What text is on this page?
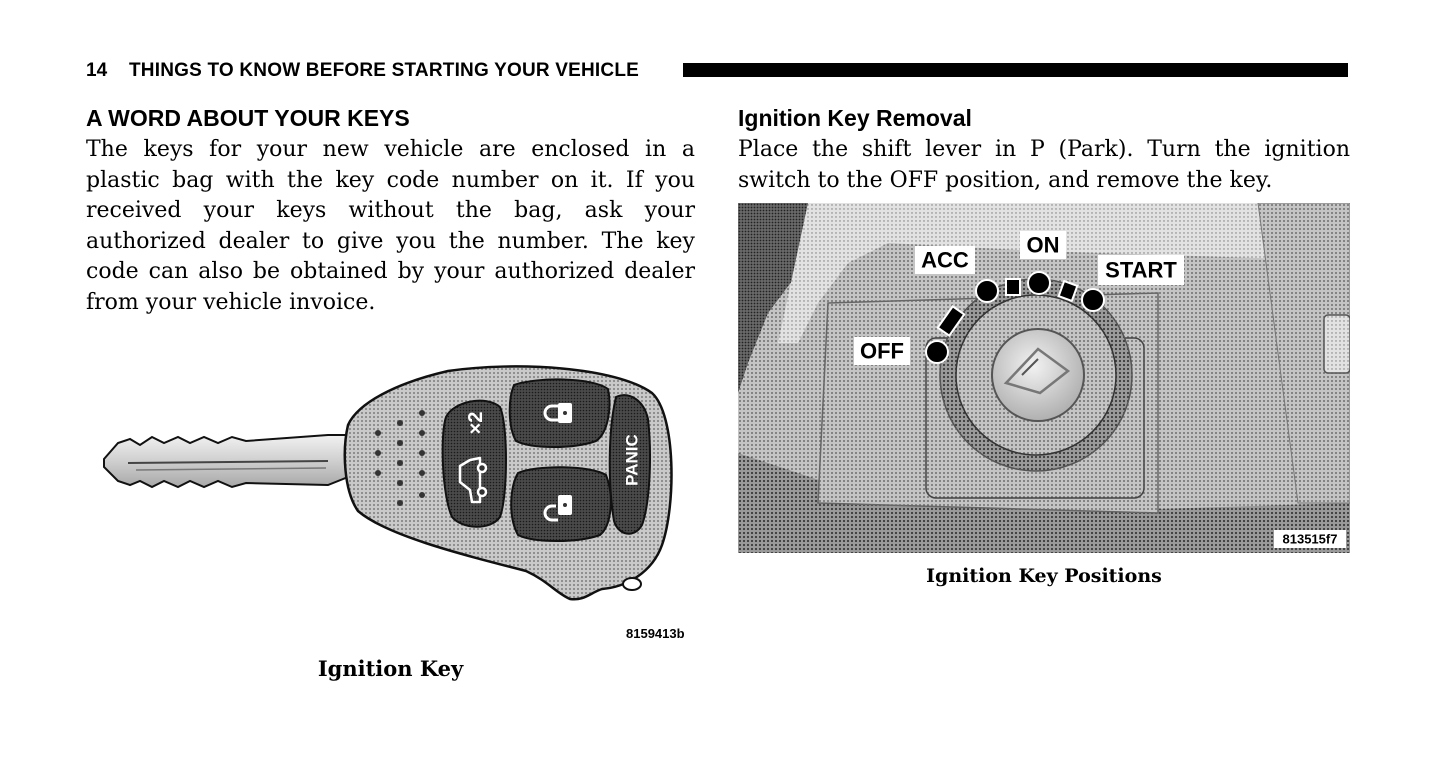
14 THINGS TO KNOW BEFORE STARTING YOUR VEHICLE
A WORD ABOUT YOUR KEYS

The keys for your new vehicle are enclosed in a plastic bag with the key code number on it. If you received your keys without the bag, ask your authorized dealer to give you the number. The key code can also be obtained by your authorized dealer from your vehicle invoice.

Ignition Key Removal

Place the shift lever in P (Park). Turn the ignition switch to the OFF position, and remove the key.

×2
PANIC
8159413b
Ignition Key
OFF
ACC
ON
START
813515f7
Ignition Key Positions
